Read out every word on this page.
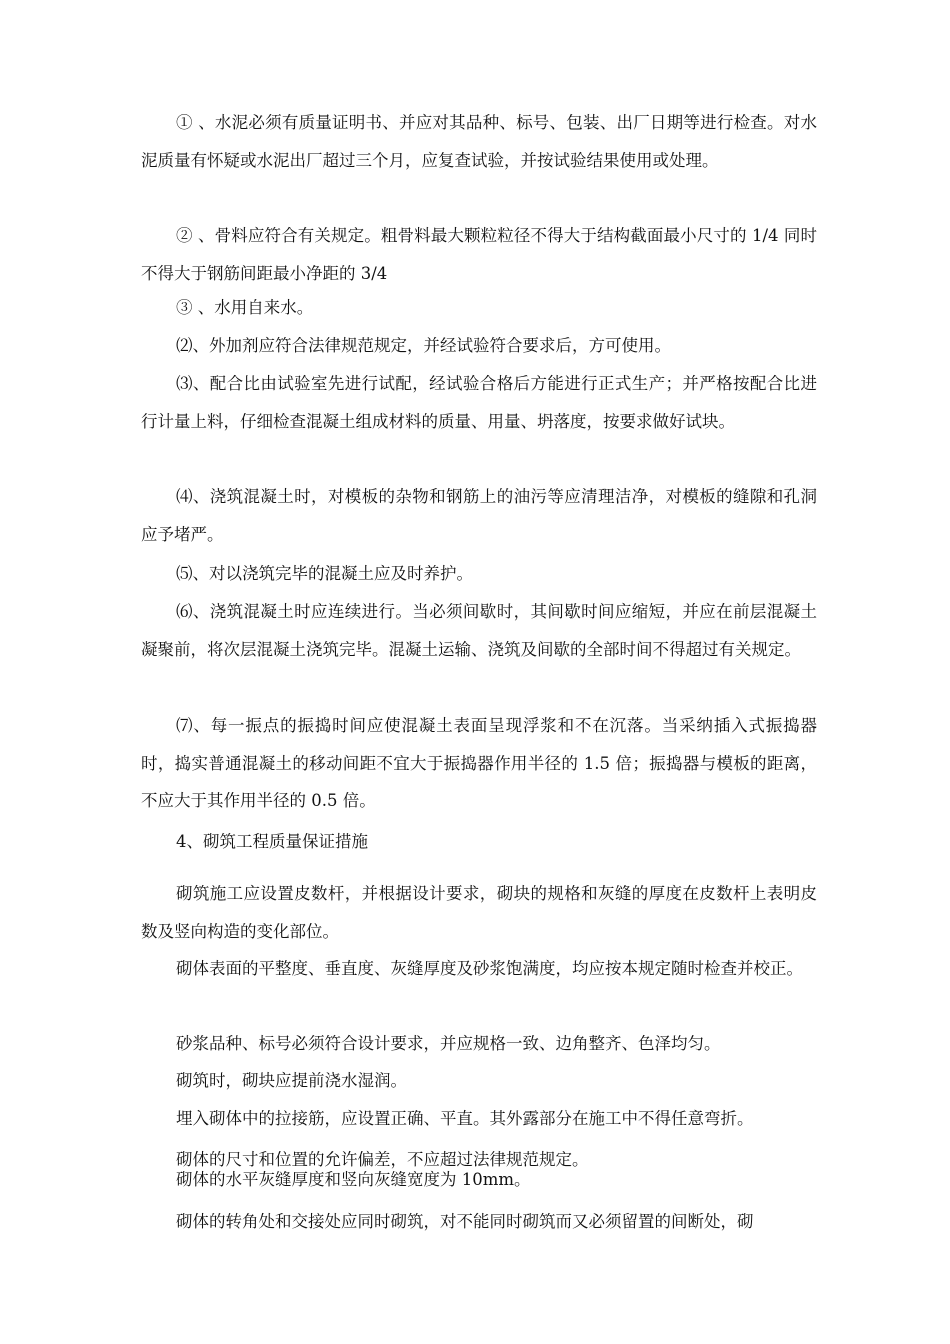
① 、水泥必须有质量证明书、并应对其品种、标号、包装、出厂日期等进行检查。对水泥质量有怀疑或水泥出厂超过三个月，应复查试验，并按试验结果使用或处理。

② 、骨料应符合有关规定。粗骨料最大颗粒粒径不得大于结构截面最小尺寸的 1/4 同时不得大于钢筋间距最小净距的 3/4

③ 、水用自来水。

⑵、外加剂应符合法律规范规定，并经试验符合要求后，方可使用。

⑶、配合比由试验室先进行试配，经试验合格后方能进行正式生产；并严格按配合比进行计量上料，仔细检查混凝土组成材料的质量、用量、坍落度，按要求做好试块。

⑷、浇筑混凝土时，对模板的杂物和钢筋上的油污等应清理洁净，对模板的缝隙和孔洞应予堵严。

⑸、对以浇筑完毕的混凝土应及时养护。

⑹、浇筑混凝土时应连续进行。当必须间歇时，其间歇时间应缩短，并应在前层混凝土凝聚前，将次层混凝土浇筑完毕。混凝土运输、浇筑及间歇的全部时间不得超过有关规定。

⑺、每一振点的振捣时间应使混凝土表面呈现浮浆和不在沉落。当采纳插入式振捣器时，捣实普通混凝土的移动间距不宜大于振捣器作用半径的 1.5 倍；振捣器与模板的距离，不应大于其作用半径的 0.5 倍。

4、砌筑工程质量保证措施

砌筑施工应设置皮数杆，并根据设计要求，砌块的规格和灰缝的厚度在皮数杆上表明皮数及竖向构造的变化部位。

砌体表面的平整度、垂直度、灰缝厚度及砂浆饱满度，均应按本规定随时检查并校正。

砂浆品种、标号必须符合设计要求，并应规格一致、边角整齐、色泽均匀。

砌筑时，砌块应提前浇水湿润。

埋入砌体中的拉接筋，应设置正确、平直。其外露部分在施工中不得任意弯折。

砌体的尺寸和位置的允许偏差，不应超过法律规范规定。

砌体的水平灰缝厚度和竖向灰缝宽度为 10mm。

砌体的转角处和交接处应同时砌筑，对不能同时砌筑而又必须留置的间断处，砌
